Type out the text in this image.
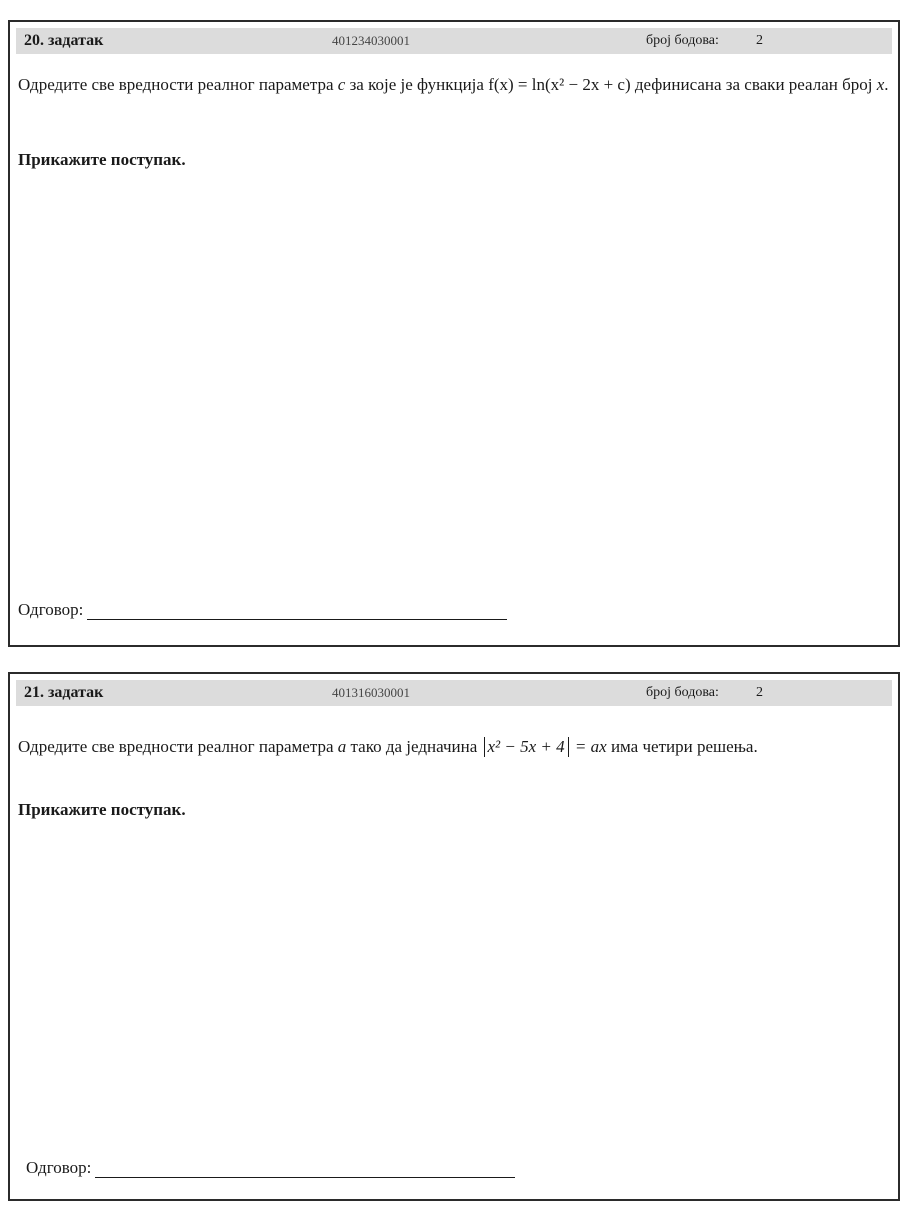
20. задатак	401234030001	број бодова:	2
Одредите све вредности реалног параметра c за које је функција f(x) = ln(x² − 2x + c) дефинисана за сваки реалан број x.
Прикажите поступак.
Одговор:
21. задатак	401316030001	број бодова:	2
Одредите све вредности реалног параметра a тако да једначина x² − 5x + 4 = ax има четири решења.
Прикажите поступак.
Одговор:
